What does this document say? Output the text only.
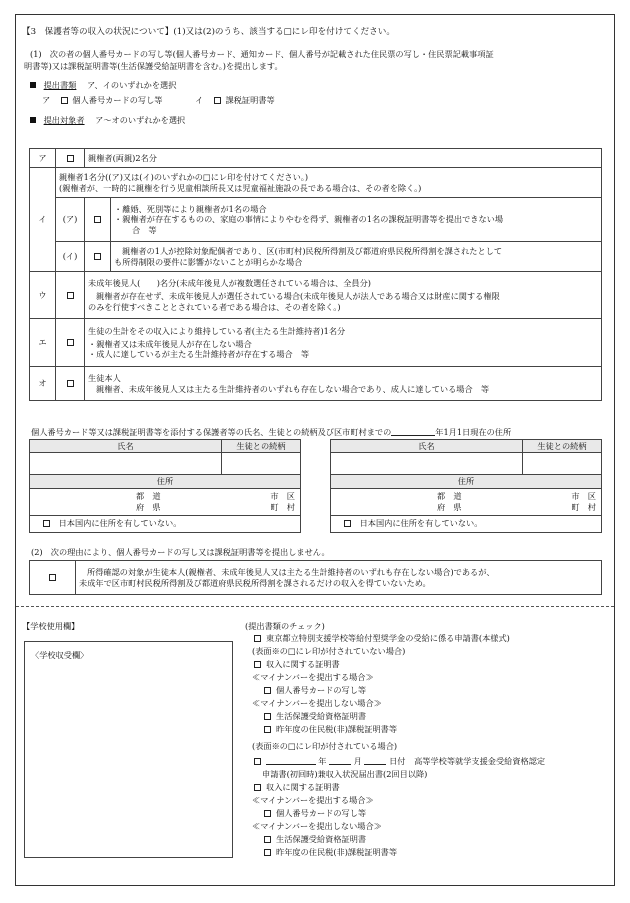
【3　保護者等の収入の状況について】(1)又は(2)のうち、該当する□にレ印を付けてください。
(1)　次の者の個人番号カードの写し等(個人番号カード、通知カード、個人番号が記載された住民票の写し・住民票記載事項証
明書等)又は課税証明書等(生活保護受給証明書を含む。)を提出します。
提出書類 ア、イのいずれかを選択
ア	個人番号カードの写し等	イ	課税証明書等
提出対象者 ア～オのいずれかを選択
ア		親権者(両親)2名分	
イ	親権者1名分((ア)又は(イ)のいずれかの□にレ印を付けてください。)
(親権者が、一時的に親権を行う児童相談所長又は児童福祉施設の長である場合は、その者を除く。)		

	(ア)		・離婚、死別等により親権者が1名の場合
・親権者が存在するものの、家庭の事情によりやむを得ず、親権者の1名の課税証明書等を提出できない場
合　等

	(イ)		親権者の1人が控除対象配偶者であり、区(市町村)民税所得割及び都道府県民税所得割を課されたとして
も所得制限の要件に影響がないことが明らかな場合

ウ		未成年後見人(　　)名分(未成年後見人が複数選任されている場合は、全員分)
親権者が存在せず、未成年後見人が選任されている場合(未成年後見人が法人である場合又は財産に関する権限
のみを行使すべきこととされている者である場合は、その者を除く。)	

エ		生徒の生計をその収入により維持している者(主たる生計維持者)1名分
・親権者又は未成年後見人が存在しない場合
・成人に達しているが主たる生計維持者が存在する場合　等	

オ		生徒本人
親権者、未成年後見人又は主たる生計維持者のいずれも存在しない場合であり、成人に達している場合　等	
個人番号カード等又は課税証明書等を添付する保護者等の氏名、生徒との続柄及び区市町村までの	年1月1日現在の住所
氏名	生徒との続柄

住所	

都　道
府　県
市　区
町　村	

日本国内に住所を有していない。	
氏名	生徒との続柄

住所	

都　道
府　県
市　区
町　村	

日本国内に住所を有していない。	
(2)　次の理由により、個人番号カードの写し又は課税証明書等を提出しません。

所得確認の対象が生徒本人(親権者、未成年後見人又は主たる生計維持者のいずれも存在しない場合)であるが、
未成年で区市町村民税所得割及び都道府県民税所得割を課されるだけの収入を得ていないため。
【学校使用欄】
〈学校収受欄〉
(提出書類のチェック)
東京都立特別支援学校等給付型奨学金の受給に係る申請書(本様式)
(表面※の□にレ印が付されていない場合)
収入に関する証明書
≪マイナンバーを提出する場合≫
個人番号カードの写し等
≪マイナンバーを提出しない場合≫
生活保護受給資格証明書
昨年度の住民税(非)課税証明書等
(表面※の□にレ印が付されている場合)
年	月	日付 高等学校等就学支援金受給資格認定
申請書(初回時)兼収入状況届出書(2回目以降)
収入に関する証明書
≪マイナンバーを提出する場合≫
個人番号カードの写し等
≪マイナンバーを提出しない場合≫
生活保護受給資格証明書
昨年度の住民税(非)課税証明書等
